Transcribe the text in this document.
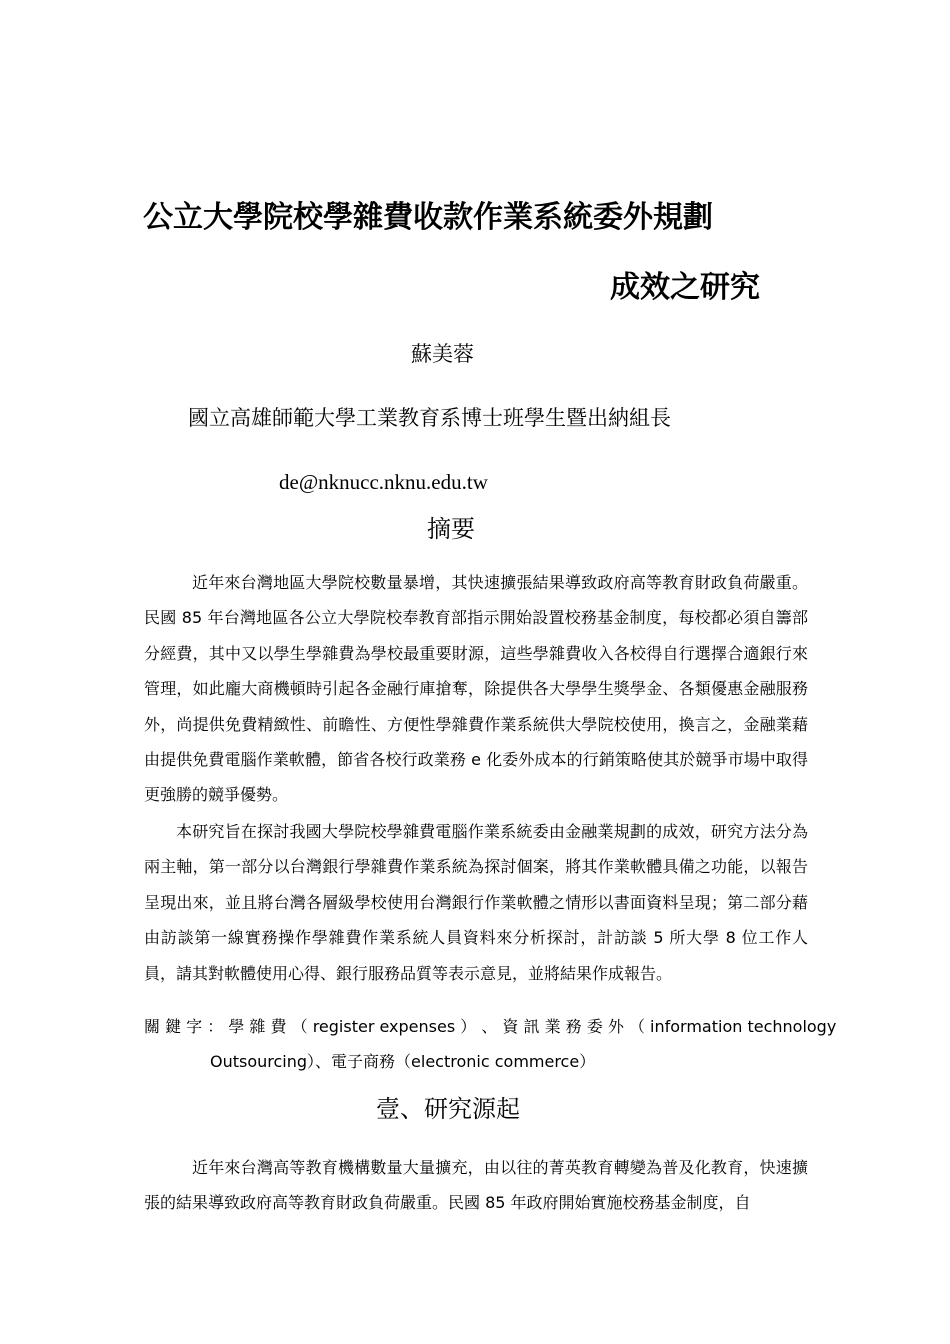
公立大學院校學雜費收款作業系統委外規劃
成效之研究
蘇美蓉
國立高雄師範大學工業教育系博士班學生暨出納組長
de@nknucc.nknu.edu.tw
摘要
近年來台灣地區大學院校數量暴增，其快速擴張結果導致政府高等教育財政負荷嚴重。民國 85 年台灣地區各公立大學院校奉教育部指示開始設置校務基金制度，每校都必須自籌部分經費，其中又以學生學雜費為學校最重要財源，這些學雜費收入各校得自行選擇合適銀行來管理，如此龐大商機頓時引起各金融行庫搶奪，除提供各大學學生獎學金、各類優惠金融服務外，尚提供免費精緻性、前瞻性、方便性學雜費作業系統供大學院校使用，換言之，金融業藉由提供免費電腦作業軟體，節省各校行政業務 e 化委外成本的行銷策略使其於競爭市場中取得更強勝的競爭優勢。
本研究旨在探討我國大學院校學雜費電腦作業系統委由金融業規劃的成效，研究方法分為兩主軸，第一部分以台灣銀行學雜費作業系統為探討個案，將其作業軟體具備之功能，以報告呈現出來，並且將台灣各層級學校使用台灣銀行作業軟體之情形以書面資料呈現；第二部分藉由訪談第一線實務操作學雜費作業系統人員資料來分析探討，計訪談 5 所大學 8 位工作人員，請其對軟體使用心得、銀行服務品質等表示意見，並將結果作成報告。
關 鍵 字 ： 學 雜 費 （ register expenses ） 、 資 訊 業 務 委 外 （ information technology
Outsourcing）、電子商務（electronic commerce）
壹、研究源起
近年來台灣高等教育機構數量大量擴充，由以往的菁英教育轉變為普及化教育，快速擴張的結果導致政府高等教育財政負荷嚴重。民國 85 年政府開始實施校務基金制度，自
